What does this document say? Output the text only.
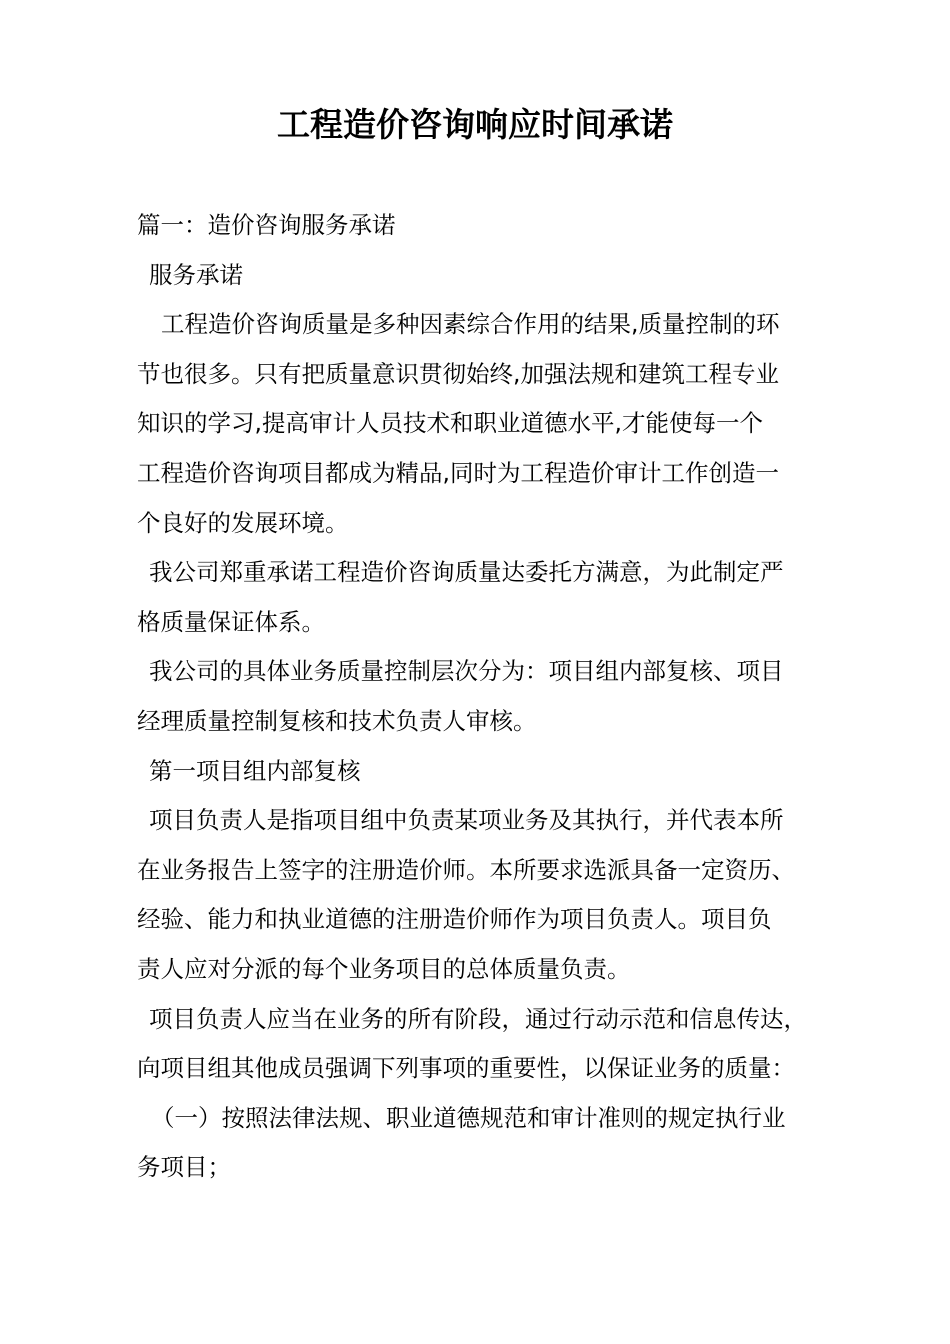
工程造价咨询响应时间承诺
篇一：造价咨询服务承诺
服务承诺
工程造价咨询质量是多种因素综合作用的结果,质量控制的环
节也很多。只有把质量意识贯彻始终,加强法规和建筑工程专业
知识的学习,提高审计人员技术和职业道德水平,才能使每一个
工程造价咨询项目都成为精品,同时为工程造价审计工作创造一
个良好的发展环境。
我公司郑重承诺工程造价咨询质量达委托方满意，为此制定严
格质量保证体系。
我公司的具体业务质量控制层次分为：项目组内部复核、项目
经理质量控制复核和技术负责人审核。
第一项目组内部复核
项目负责人是指项目组中负责某项业务及其执行，并代表本所
在业务报告上签字的注册造价师。本所要求选派具备一定资历、
经验、能力和执业道德的注册造价师作为项目负责人。项目负
责人应对分派的每个业务项目的总体质量负责。
项目负责人应当在业务的所有阶段，通过行动示范和信息传达，
向项目组其他成员强调下列事项的重要性，以保证业务的质量：
（一）按照法律法规、职业道德规范和审计准则的规定执行业
务项目；
